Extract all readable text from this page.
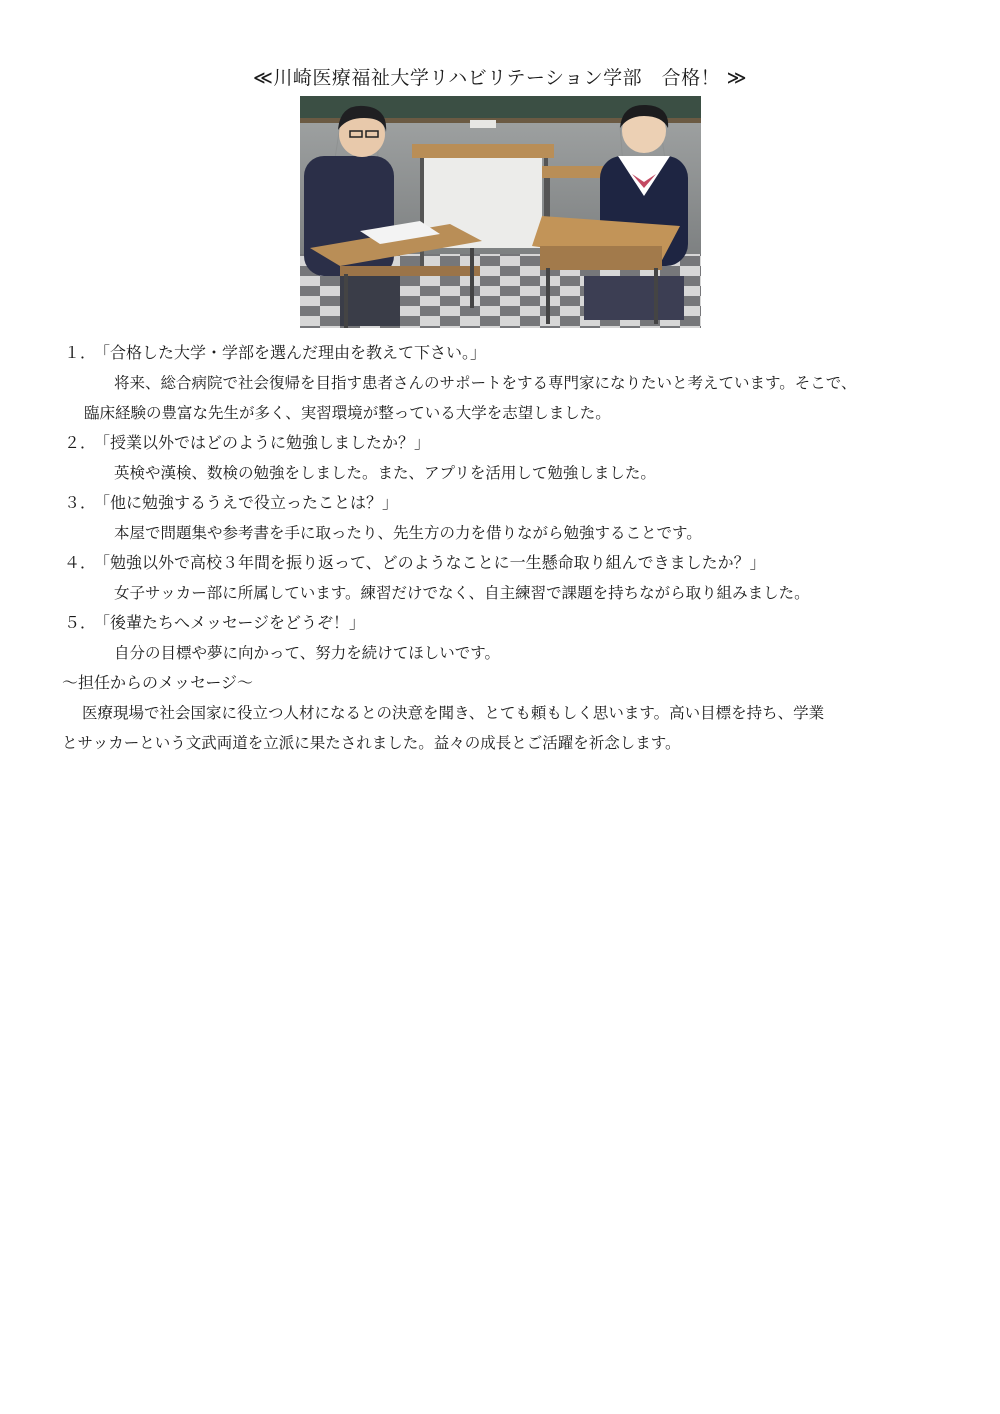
≪川崎医療福祉大学リハビリテーション学部　合格！ ≫
１．「合格した大学・学部を選んだ理由を教えて下さい。」
将来、総合病院で社会復帰を目指す患者さんのサポートをする専門家になりたいと考えています。そこで、
臨床経験の豊富な先生が多く、実習環境が整っている大学を志望しました。
２．「授業以外ではどのように勉強しましたか？」
英検や漢検、数検の勉強をしました。また、アプリを活用して勉強しました。
３．「他に勉強するうえで役立ったことは？」
本屋で問題集や参考書を手に取ったり、先生方の力を借りながら勉強することです。
４．「勉強以外で高校３年間を振り返って、どのようなことに一生懸命取り組んできましたか？」
女子サッカー部に所属しています。練習だけでなく、自主練習で課題を持ちながら取り組みました。
５．「後輩たちへメッセージをどうぞ！」
自分の目標や夢に向かって、努力を続けてほしいです。
～担任からのメッセージ～
医療現場で社会国家に役立つ人材になるとの決意を聞き、とても頼もしく思います。高い目標を持ち、学業
とサッカーという文武両道を立派に果たされました。益々の成長とご活躍を祈念します。
